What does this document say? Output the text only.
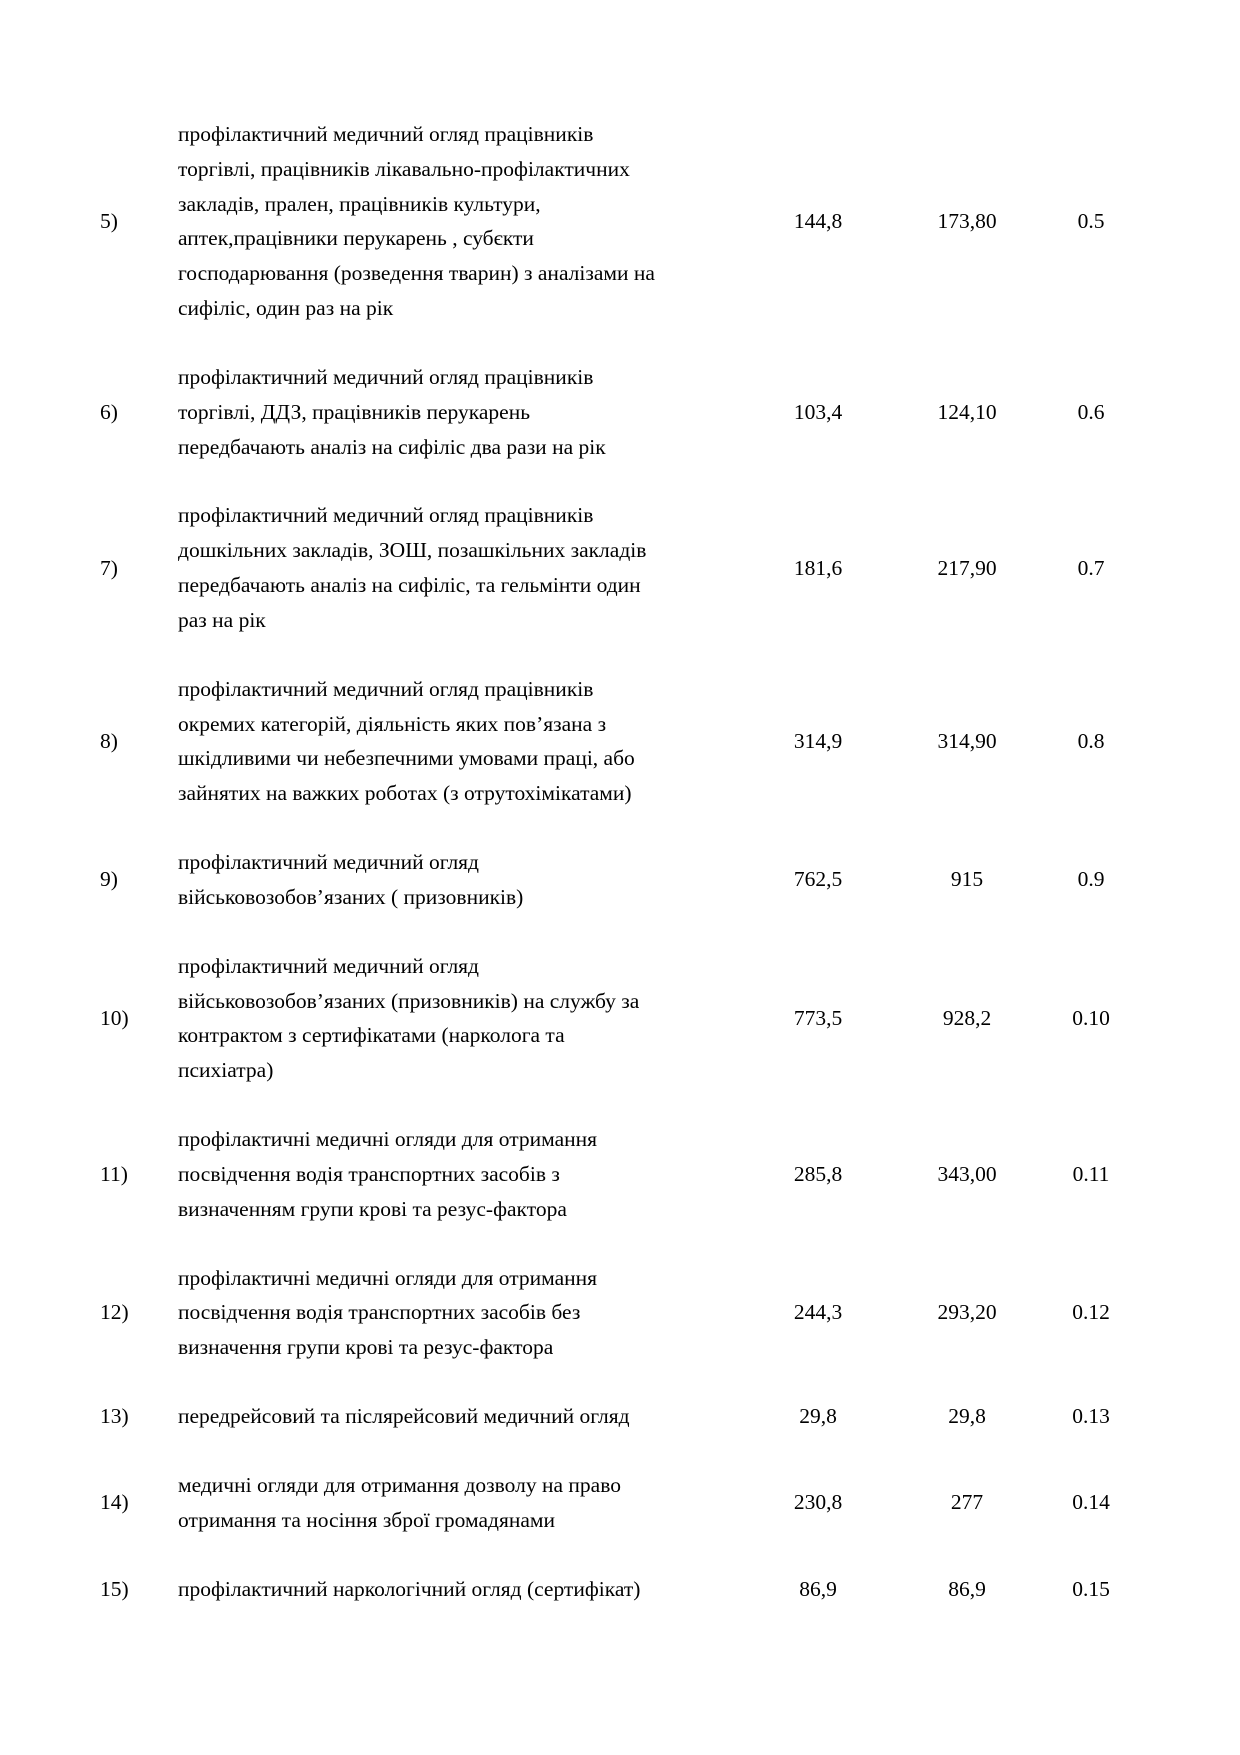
5)	
профілактичний медичний огляд працівників
торгівлі, працівників лікавально-профілактичних
закладів, прален, працівників культури,
аптек,працівники перукарень , субєкти
господарювання (розведення тварин) з аналізами на
сифіліс, один раз на рік
	144,8	173,80	0.5
6)	профілактичний медичний огляд працівників
торгівлі, ДДЗ, працівників перукарень
передбачають аналіз на сифіліс два рази на рік	103,4	124,10	0.6
7)	профілактичний медичний огляд працівників
дошкільних закладів, ЗОШ, позашкільних закладів
передбачають аналіз на сифіліс, та гельмінти один
раз на рік	181,6	217,90	0.7
8)	профілактичний медичний огляд працівників
окремих категорій, діяльність яких пов’язана з
шкідливими чи небезпечними умовами праці, або
зайнятих на важких роботах (з отрутохімікатами)	314,9	314,90	0.8
9)	профілактичний медичний огляд
військовозобов’язаних ( призовників)	762,5	915	0.9
10)	профілактичний медичний огляд
військовозобов’язаних (призовників) на службу за
контрактом з сертифікатами (нарколога та
психіатра)	773,5	928,2	0.10
11)	профілактичні медичні огляди для отримання
посвідчення водія транспортних засобів з
визначенням групи крові та резус-фактора	285,8	343,00	0.11
12)	профілактичні медичні огляди для отримання
посвідчення водія транспортних засобів без
визначення групи крові та резус-фактора	244,3	293,20	0.12
13)	передрейсовий та післярейсовий медичний огляд	29,8	29,8	0.13
14)	медичні огляди для отримання дозволу на право
отримання та носіння зброї громадянами	230,8	277	0.14
15)	профілактичний наркологічний огляд (сертифікат)	86,9	86,9	0.15
